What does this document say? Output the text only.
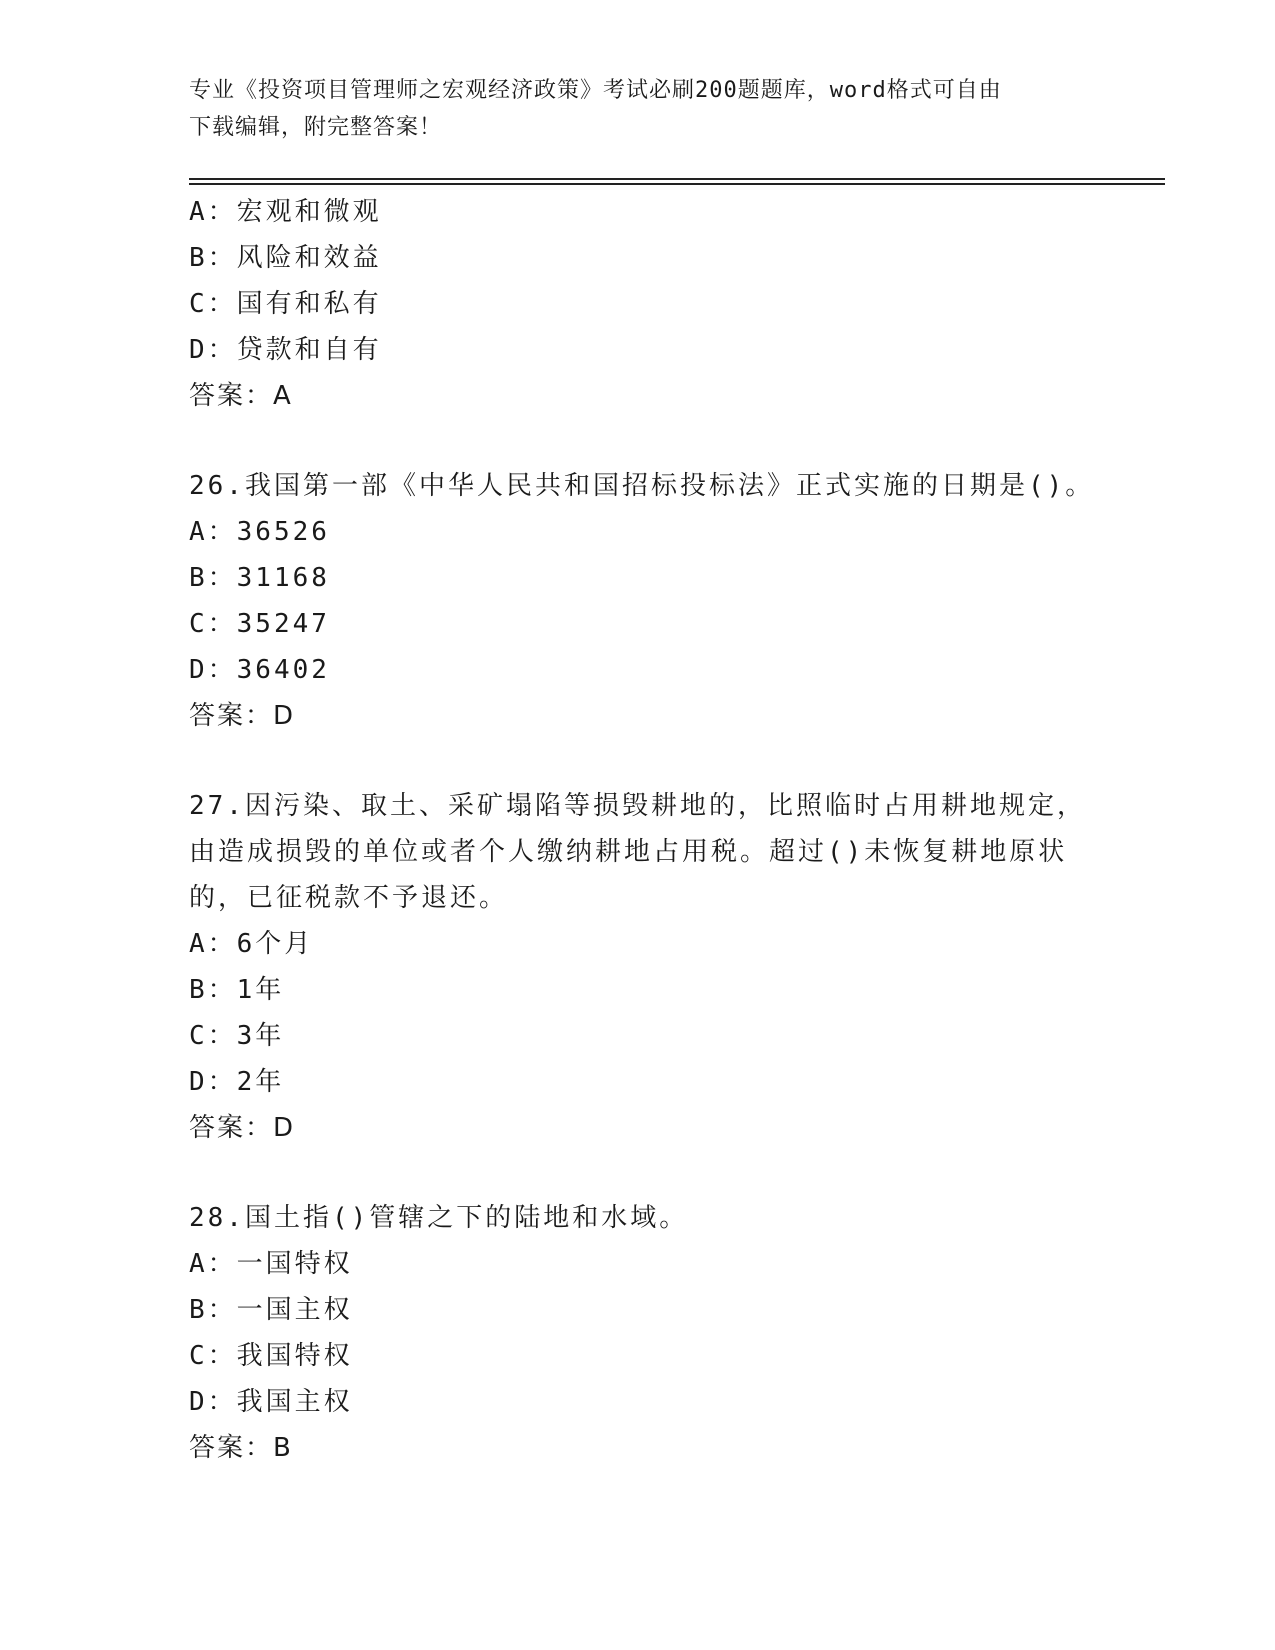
专业《投资项目管理师之宏观经济政策》考试必刷200题题库，word格式可自由
下载编辑，附完整答案！
A：宏观和微观
B：风险和效益
C：国有和私有
D：贷款和自有
答案：A
26.我国第一部《中华人民共和国招标投标法》正式实施的日期是()。
A：36526
B：31168
C：35247
D：36402
答案：D
27.因污染、取土、采矿塌陷等损毁耕地的，比照临时占用耕地规定，
由造成损毁的单位或者个人缴纳耕地占用税。超过()未恢复耕地原状
的，已征税款不予退还。
A：6个月
B：1年
C：3年
D：2年
答案：D
28.国土指()管辖之下的陆地和水域。
A：一国特权
B：一国主权
C：我国特权
D：我国主权
答案：B
